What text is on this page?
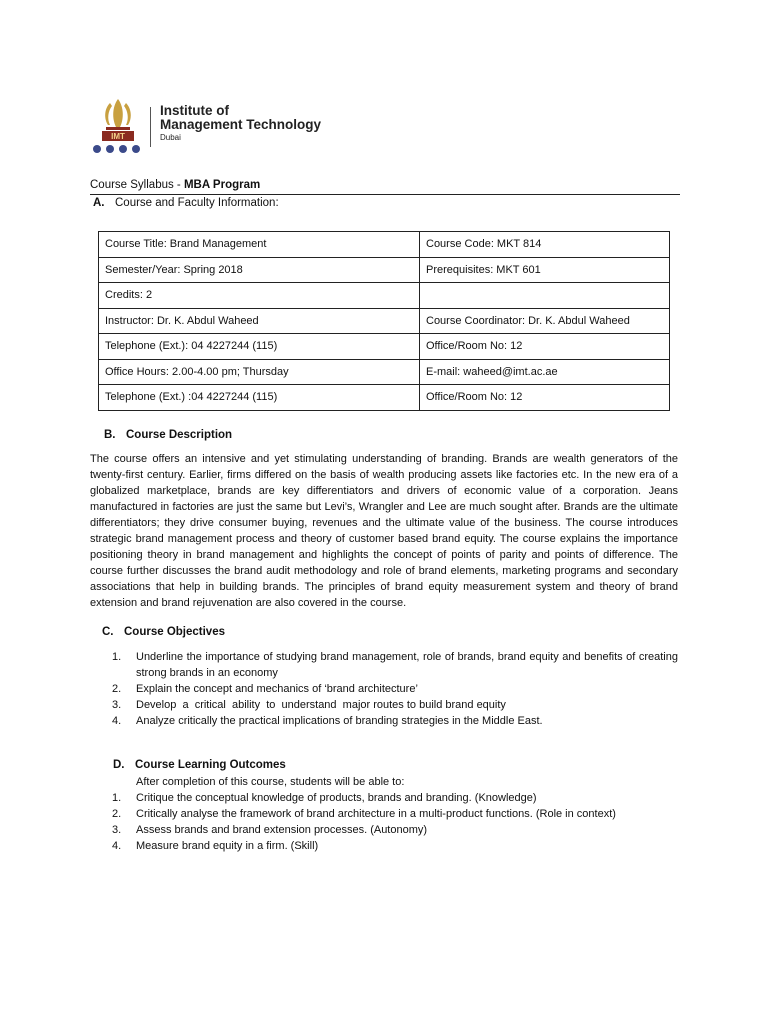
IMT
Institute of
Management Technology
Dubai
Course Syllabus - MBA Program
A. Course and Faculty Information:
Course Title: Brand Management	Course Code: MKT 814
Semester/Year: Spring 2018	Prerequisites: MKT 601
Credits: 2	
Instructor: Dr. K. Abdul Waheed	Course Coordinator: Dr. K. Abdul Waheed
Telephone (Ext.): 04 4227244 (115)	Office/Room No: 12
Office Hours: 2.00-4.00 pm; Thursday	E-mail: waheed@imt.ac.ae
Telephone (Ext.) :04 4227244 (115)	Office/Room No: 12
B. Course Description

The course offers an intensive and yet stimulating understanding of branding. Brands are wealth generators of the twenty-first century. Earlier, firms differed on the basis of wealth producing assets like factories etc. In the new era of a globalized marketplace, brands are key differentiators and drivers of economic value of a corporation. Jeans manufactured in factories are just the same but Levi’s, Wrangler and Lee are much sought after. Brands are the ultimate differentiators; they drive consumer buying, revenues and the ultimate value of the business. The course introduces strategic brand management process and theory of customer based brand equity. The course explains the importance positioning theory in brand management and highlights the concept of points of parity and points of difference. The course further discusses the brand audit methodology and role of brand elements, marketing programs and secondary associations that help in building brands. The principles of brand equity measurement system and theory of brand extension and brand rejuvenation are also covered in the course.

C. Course Objectives
1. Underline the importance of studying brand management, role of brands, brand equity and benefits of creating strong brands in an economy
2. Explain the concept and mechanics of ‘brand architecture’
3. Develop  a  critical  ability  to  understand  major routes to build brand equity
4. Analyze critically the practical implications of branding strategies in the Middle East.
D. Course Learning Outcomes
After completion of this course, students will be able to:
1. Critique the conceptual knowledge of products, brands and branding. (Knowledge)
2. Critically analyse the framework of brand architecture in a multi-product functions. (Role in context)
3. Assess brands and brand extension processes. (Autonomy)
4. Measure brand equity in a firm. (Skill)
